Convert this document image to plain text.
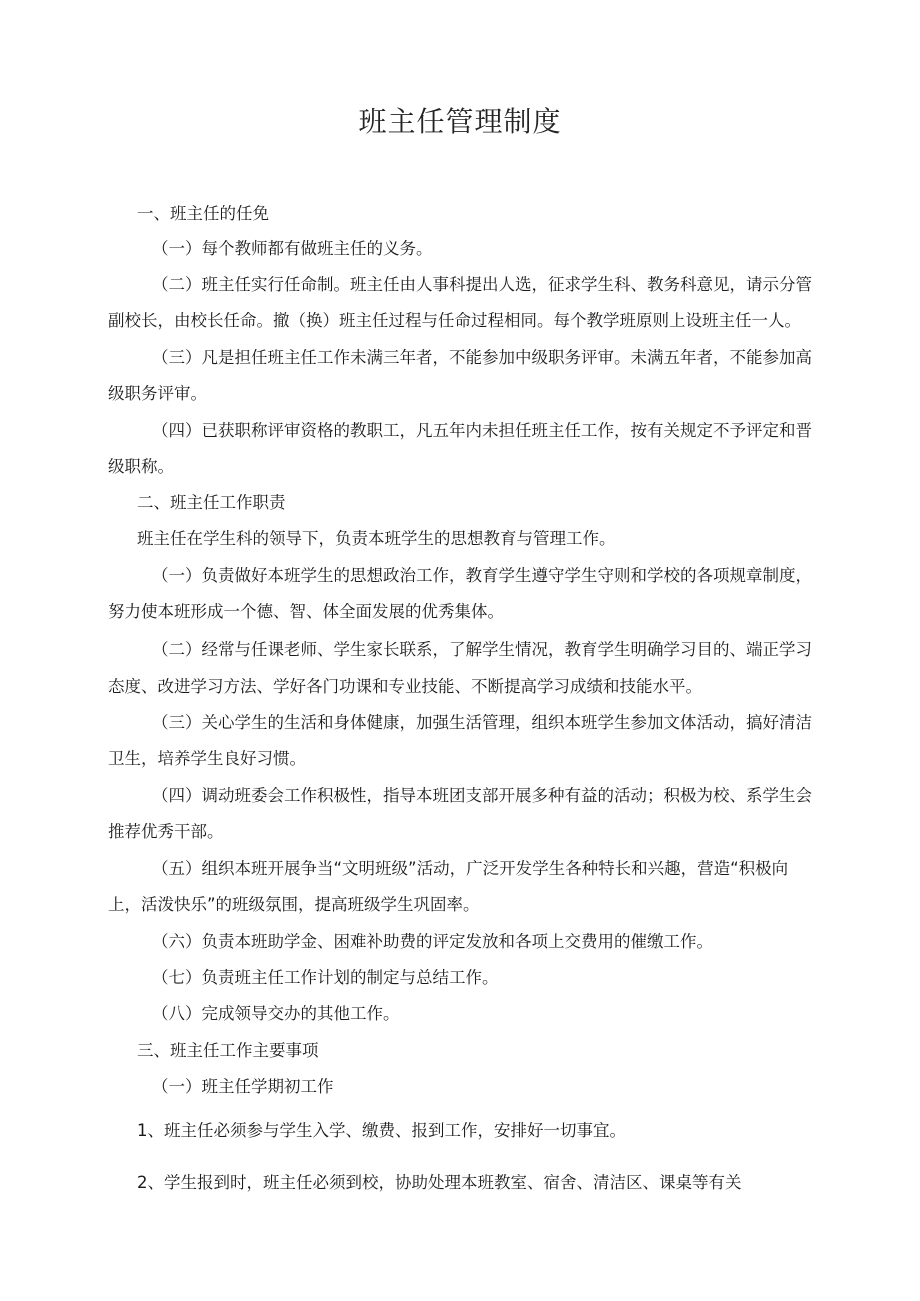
班主任管理制度
一、班主任的任免
（一）每个教师都有做班主任的义务。
（二）班主任实行任命制。班主任由人事科提出人选，征求学生科、教务科意见，请示分管
副校长，由校长任命。撤（换）班主任过程与任命过程相同。每个教学班原则上设班主任一人。
（三）凡是担任班主任工作未满三年者，不能参加中级职务评审。未满五年者，不能参加高
级职务评审。
（四）已获职称评审资格的教职工，凡五年内未担任班主任工作，按有关规定不予评定和晋
级职称。
二、班主任工作职责
班主任在学生科的领导下，负责本班学生的思想教育与管理工作。
（一）负责做好本班学生的思想政治工作，教育学生遵守学生守则和学校的各项规章制度，
努力使本班形成一个德、智、体全面发展的优秀集体。
（二）经常与任课老师、学生家长联系，了解学生情况，教育学生明确学习目的、端正学习
态度、改进学习方法、学好各门功课和专业技能、不断提高学习成绩和技能水平。
（三）关心学生的生活和身体健康，加强生活管理，组织本班学生参加文体活动，搞好清洁
卫生，培养学生良好习惯。
（四）调动班委会工作积极性，指导本班团支部开展多种有益的活动；积极为校、系学生会
推荐优秀干部。
（五）组织本班开展争当“文明班级”活动，广泛开发学生各种特长和兴趣，营造“积极向
上，活泼快乐”的班级氛围，提高班级学生巩固率。
（六）负责本班助学金、困难补助费的评定发放和各项上交费用的催缴工作。
（七）负责班主任工作计划的制定与总结工作。
（八）完成领导交办的其他工作。
三、班主任工作主要事项
（一）班主任学期初工作
1、班主任必须参与学生入学、缴费、报到工作，安排好一切事宜。
2、学生报到时，班主任必须到校，协助处理本班教室、宿舍、清洁区、课桌等有关
